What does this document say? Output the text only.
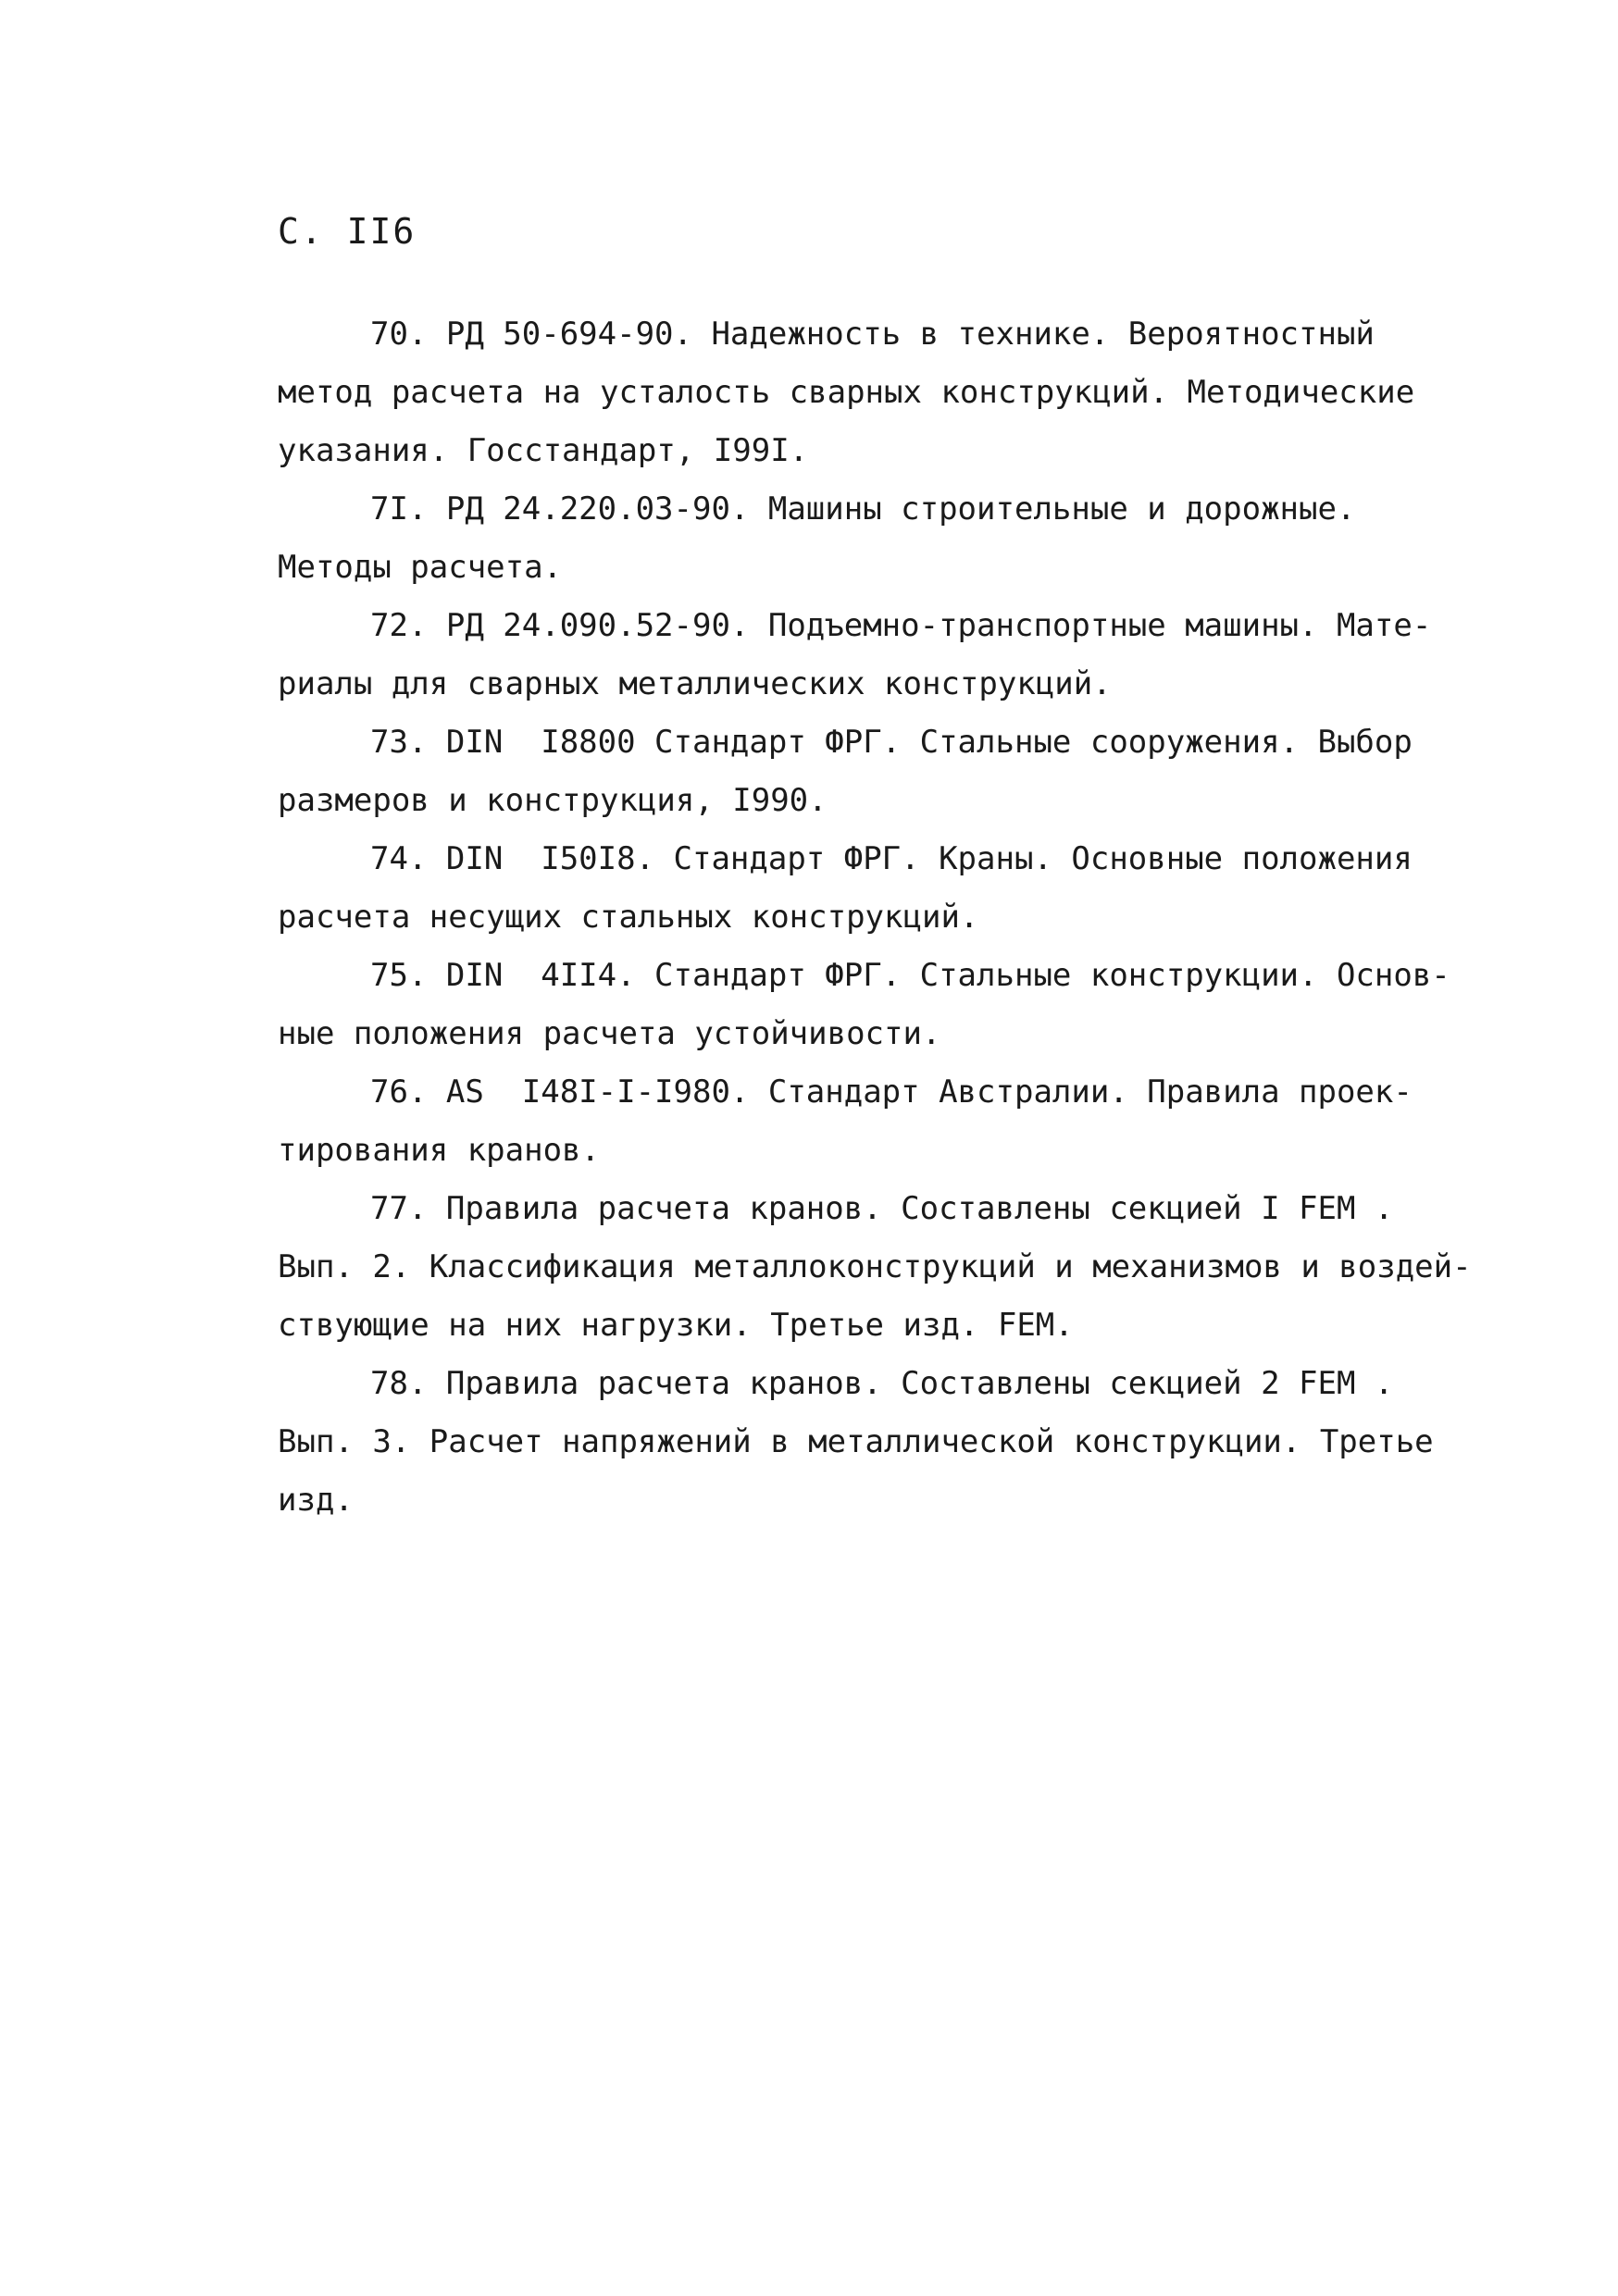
С. II6
70. РД 50-694-90. Надежность в технике. Вероятностный
метод расчета на усталость сварных конструкций. Методические
указания. Госстандарт, I99I.
7I. РД 24.220.03-90. Машины строительные и дорожные.
Методы расчета.
72. РД 24.090.52-90. Подъемно-транспортные машины. Мате-
риалы для сварных металлических конструкций.
73. DIN  I8800 Стандарт ФРГ. Стальные сооружения. Выбор
размеров и конструкция, I990.
74. DIN  I50I8. Стандарт ФРГ. Краны. Основные положения
расчета несущих стальных конструкций.
75. DIN  4II4. Стандарт ФРГ. Стальные конструкции. Основ-
ные положения расчета устойчивости.
76. AS  I48I-I-I980. Стандарт Австралии. Правила проек-
тирования кранов.
77. Правила расчета кранов. Составлены секцией I FEM .
Вып. 2. Классификация металлоконструкций и механизмов и воздей-
ствующие на них нагрузки. Третье изд. FEM.
78. Правила расчета кранов. Составлены секцией 2 FEM .
Вып. 3. Расчет напряжений в металлической конструкции. Третье
изд.
